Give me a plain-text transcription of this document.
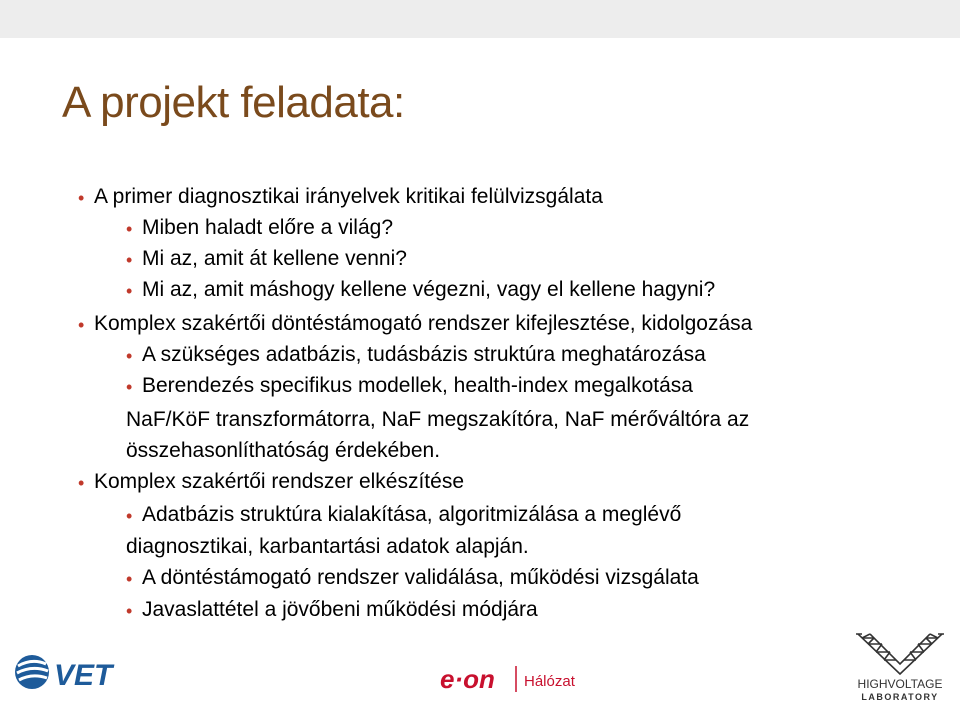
A projekt feladata:
• A primer diagnosztikai irányelvek kritikai felülvizsgálata
• Miben haladt előre a világ?
• Mi az, amit át kellene venni?
• Mi az, amit máshogy kellene végezni, vagy el kellene hagyni?
• Komplex szakértői döntéstámogató rendszer kifejlesztése, kidolgozása
• A szükséges adatbázis, tudásbázis struktúra meghatározása
• Berendezés specifikus modellek, health-index megalkotása
NaF/KöF transzformátorra, NaF megszakítóra, NaF mérőváltóra az
összehasonlíthatóság érdekében.
• Komplex szakértői rendszer elkészítése
• Adatbázis struktúra kialakítása, algoritmizálása a meglévő
diagnosztikai, karbantartási adatok alapján.
• A döntéstámogató rendszer validálása, működési vizsgálata
• Javaslattétel a jövőbeni működési módjára
VET	e·on Hálózat	HIGHVOLTAGE
LABORATORY
